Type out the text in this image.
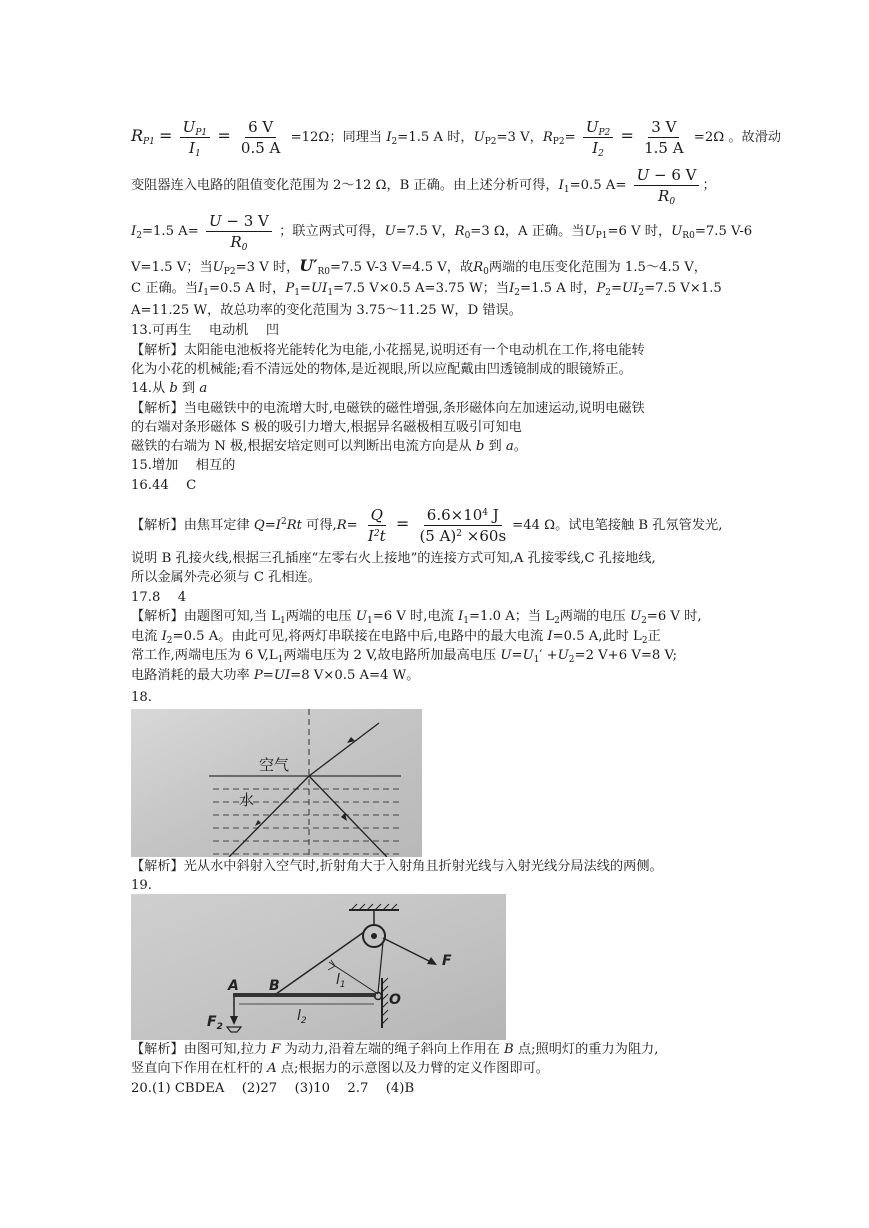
$R_{P1} = \frac{U_{P1}}{I_1} = \frac{6 V}{0.5 A} =12\Omega$；同理当 $I_2=1.5$ A 时，$U_{P2}=3$ V，$R_{P2}= \frac{U_{P2}}{I_2} = \frac{3 V}{1.5 A} =2\Omega$ 。故滑动
变阻器连入电路的阻值变化范围为 2～12 Ω，B 正确。由上述分析可得，$I_1=0.5$ $A= \frac{U - 6 V}{R_0}$ ；
$I_2=1.5$ $A= \frac{U - 3 V}{R_0}$ ；联立两式可得，U=7.5 V，$R_0=3$ Ω，A 正确。当$U_{P1}=6$ V 时，$U_{R0}=7.5$ V-6
V=1.5 V；当$U_{P2}=3$ V 时，$U'_{R0}=7.5$ V-3 V=4.5 V，故$R_0$两端的电压变化范围为 1.5～4.5 V，
C 正确。当$I_1=0.5$ A 时，$P_1=UI_1=7.5$ V×0.5 A=3.75 W；当$I_2=1.5$ A 时，$P_2=UI_2=7.5$ V×1.5
A=11.25 W，故总功率的变化范围为 3.75～11.25 W，D 错误。
13.可再生　 电动机　 凹
【解析】太阳能电池板将光能转化为电能,小花摇晃,说明还有一个电动机在工作,将电能转
化为小花的机械能;看不清远处的物体,是近视眼,所以应配戴由凹透镜制成的眼镜矫正。
14.从 b 到 a
【解析】当电磁铁中的电流增大时,电磁铁的磁性增强,条形磁体向左加速运动,说明电磁铁
的右端对条形磁体 S 极的吸引力增大,根据异名磁极相互吸引可知电
磁铁的右端为 N 极,根据安培定则可以判断出电流方向是从 b 到 a。
15.增加　 相互的
16.44　 C
【解析】由焦耳定律 $Q=I^2Rt$ 可得$,R= \frac{Q}{I^2t} = \frac{6.6\times 10^4 J}{(5 A)^2 \times 60s} =44$ Ω。试电笔接触 B 孔氖管发光,
说明 B 孔接火线,根据三孔插座“左零右火上接地”的连接方式可知,A 孔接零线,C 孔接地线,
所以金属外壳必须与 C 孔相连。
17.8　 4
【解析】由题图可知,当 $L_1$两端的电压 $U_1=6$ V 时,电流 $I_1=1.0$ A；当 $L_2$两端的电压 $U_2=6$ V 时,
电流 $I_2=0.5$ A。由此可见,将两灯串联接在电路中后,电路中的最大电流 I=0.5 A,此时 $L_2$正
常工作,两端电压为 6 $V,L_1$两端电压为 2 V,故电路所加最高电压 $U=U_1' +U_2=2$ V+6 V=8 V;
电路消耗的最大功率 P=UI=8 V×0.5 A=4 W。
18.
空气
水
【解析】光从水中斜射入空气时,折射角大于入射角且折射光线与入射光线分局法线的两侧。
19.
A B
O
F
$F_2$
$l_1$
$l_2$
【解析】由图可知,拉力 F 为动力,沿着左端的绳子斜向上作用在 B 点;照明灯的重力为阻力,
竖直向下作用在杠杆的 A 点;根据力的示意图以及力臂的定义作图即可。
20.(1) CBDEA　 (2)27　 (3)10　 2.7　 (4)B
